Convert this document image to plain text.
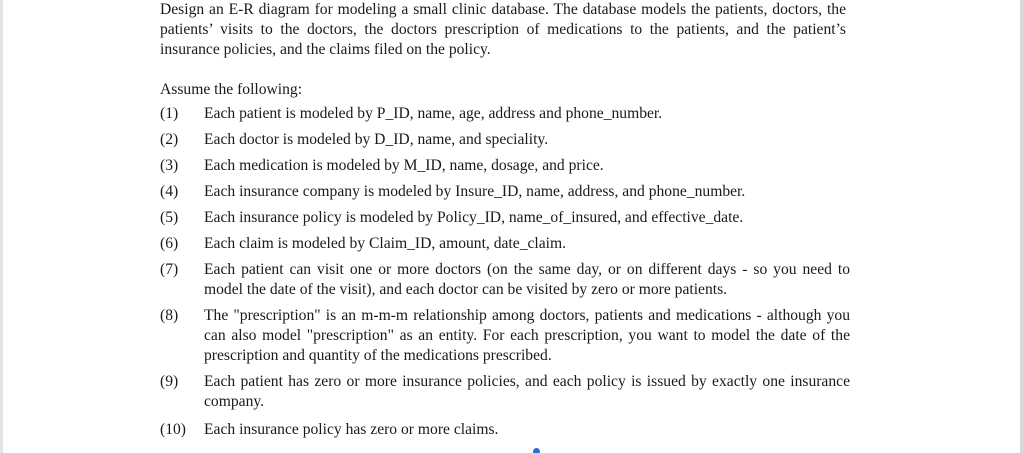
Design an E-R diagram for modeling a small clinic database. The database models the patients, doctors, the patients’ visits to the doctors, the doctors prescription of medications to the patients, and the patient’s insurance policies, and the claims filed on the policy.

Assume the following:

(1) Each patient is modeled by P_ID, name, age, address and phone_number.
(2) Each doctor is modeled by D_ID, name, and speciality.
(3) Each medication is modeled by M_ID, name, dosage, and price.
(4) Each insurance company is modeled by Insure_ID, name, address, and phone_number.
(5) Each insurance policy is modeled by Policy_ID, name_of_insured, and effective_date.
(6) Each claim is modeled by Claim_ID, amount, date_claim.
(7) Each patient can visit one or more doctors (on the same day, or on different days - so you need to model the date of the visit), and each doctor can be visited by zero or more patients.
(8) The "prescription" is an m-m-m relationship among doctors, patients and medications - although you can also model "prescription" as an entity. For each prescription, you want to model the date of the prescription and quantity of the medications prescribed.
(9) Each patient has zero or more insurance policies, and each policy is issued by exactly one insurance company.
(10) Each insurance policy has zero or more claims.
